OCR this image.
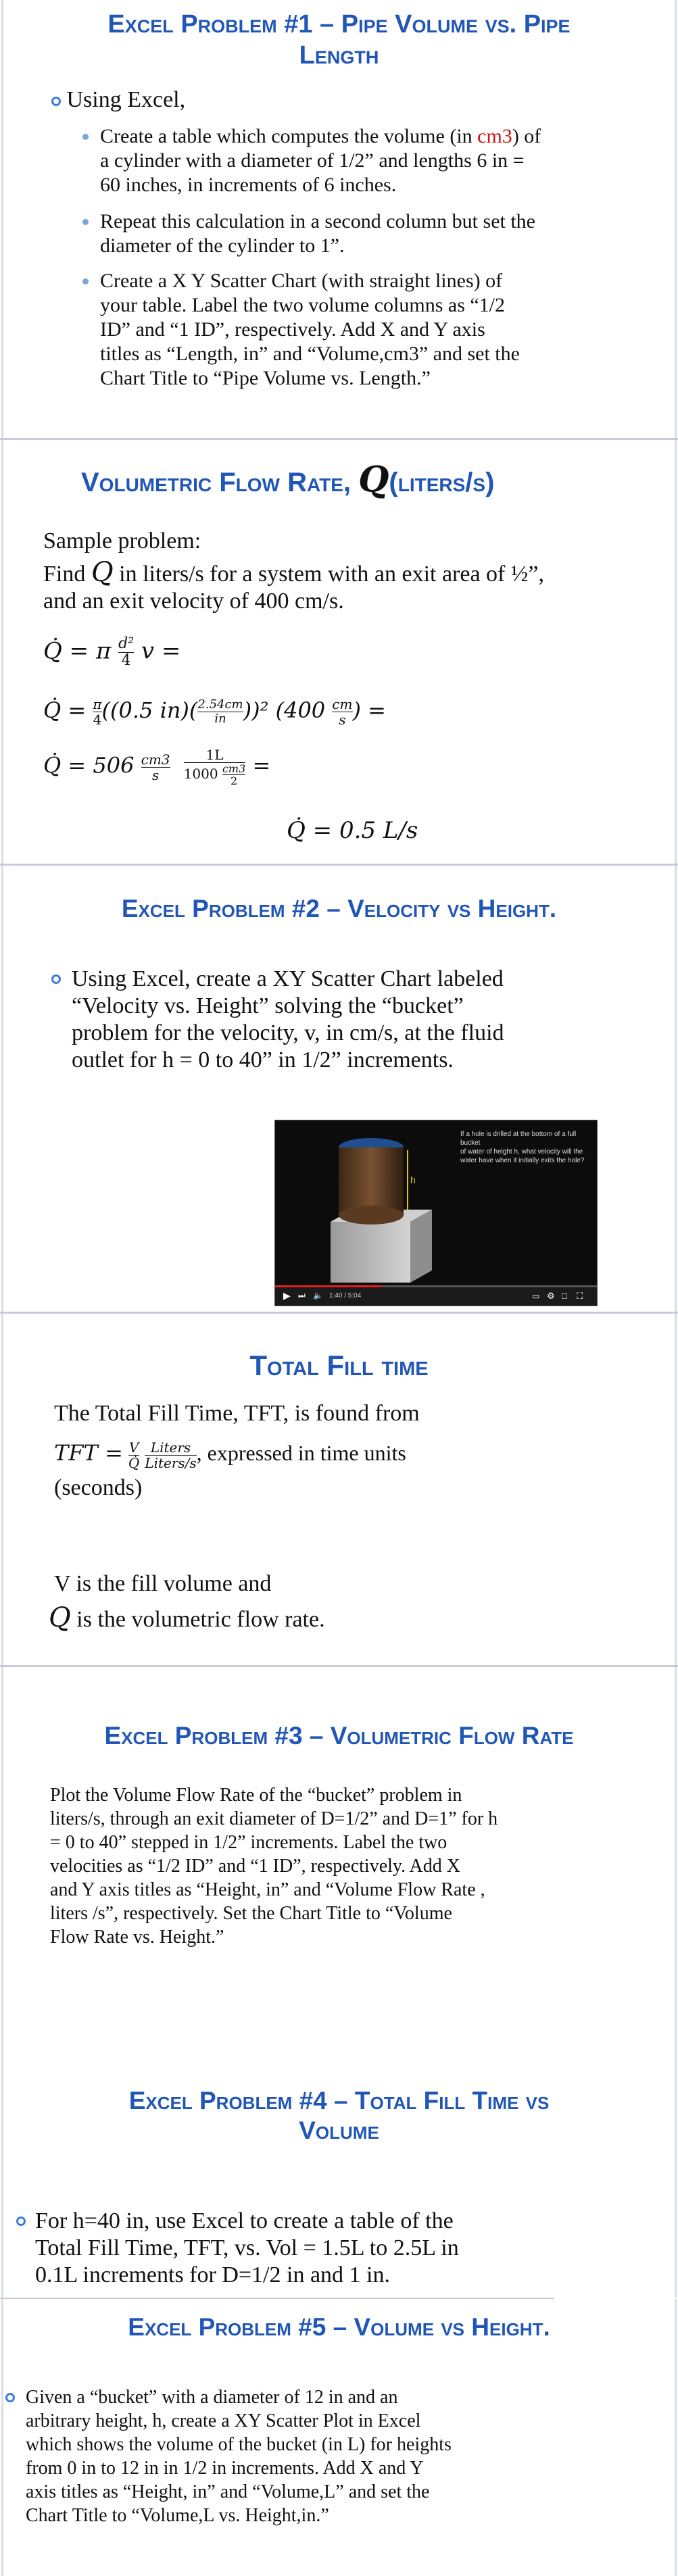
Excel Problem #1 – Pipe Volume vs. Pipe
Length
Using Excel,
Create a table which computes the volume (in cm3) of
a cylinder with a diameter of 1/2” and lengths 6 in =
60 inches, in increments of 6 inches.
Repeat this calculation in a second column but set the
diameter of the cylinder to 1”.
Create a X Y Scatter Chart (with straight lines) of
your table. Label the two volume columns as “1/2
ID” and “1 ID”, respectively. Add X and Y axis
titles as “Length, in” and “Volume,cm3” and set the
Chart Title to “Pipe Volume vs. Length.”
Volumetric Flow Rate, Q(liters/s)
Sample problem:
Find Q in liters/s for a system with an exit area of ½”,
and an exit velocity of 400 cm/s.
Q̇ = π $\frac{\text{d²}}{4}$ v =
Q̇ = $\frac{\pi}{4} ((0.5$ $in)( \frac{2.54cm}{in} ))^2$ ($400 \frac{cm}{s}$ ) =
Q̇ = $506 \frac{cm3}{s}$
$\frac{1L}{1000 \frac{cm3}{2}}$ =
Q̇ = 0.5 L/s
Excel Problem #2 – Velocity vs Height.
Using Excel, create a XY Scatter Chart labeled
“Velocity vs. Height” solving the “bucket”
problem for the velocity, v, in cm/s, at the fluid
outlet for h = 0 to 40” in 1/2” increments.
h
If a hole is drilled at the bottom of a full bucket
of water of height h, what velocity will the
water have when it initially exits the hole?
▶ ⏭ 🔈 1:40 / 5:04	▭ ⚙ □ ⛶
Total Fill time
The Total Fill Time, TFT, is found from
TFT = $\frac{V}{Q̇}$
Liters
Liters/s , expressed in time units
(seconds)
V is the fill volume and
Q is the volumetric flow rate.
Excel Problem #3 – Volumetric Flow Rate
Plot the Volume Flow Rate of the “bucket” problem in
liters/s, through an exit diameter of D=1/2” and D=1” for h
= 0 to 40” stepped in 1/2” increments. Label the two
velocities as “1/2 ID” and “1 ID”, respectively. Add X
and Y axis titles as “Height, in” and “Volume Flow Rate ,
liters /s”, respectively. Set the Chart Title to “Volume
Flow Rate vs. Height.”
Excel Problem #4 – Total Fill Time vs
Volume
For h=40 in, use Excel to create a table of the
Total Fill Time, TFT, vs. Vol = 1.5L to 2.5L in
0.1L increments for D=1/2 in and 1 in.
Excel Problem #5 – Volume vs Height.
Given a “bucket” with a diameter of 12 in and an
arbitrary height, h, create a XY Scatter Plot in Excel
which shows the volume of the bucket (in L) for heights
from 0 in to 12 in in 1/2 in increments. Add X and Y
axis titles as “Height, in” and “Volume,L” and set the
Chart Title to “Volume,L vs. Height,in.”
